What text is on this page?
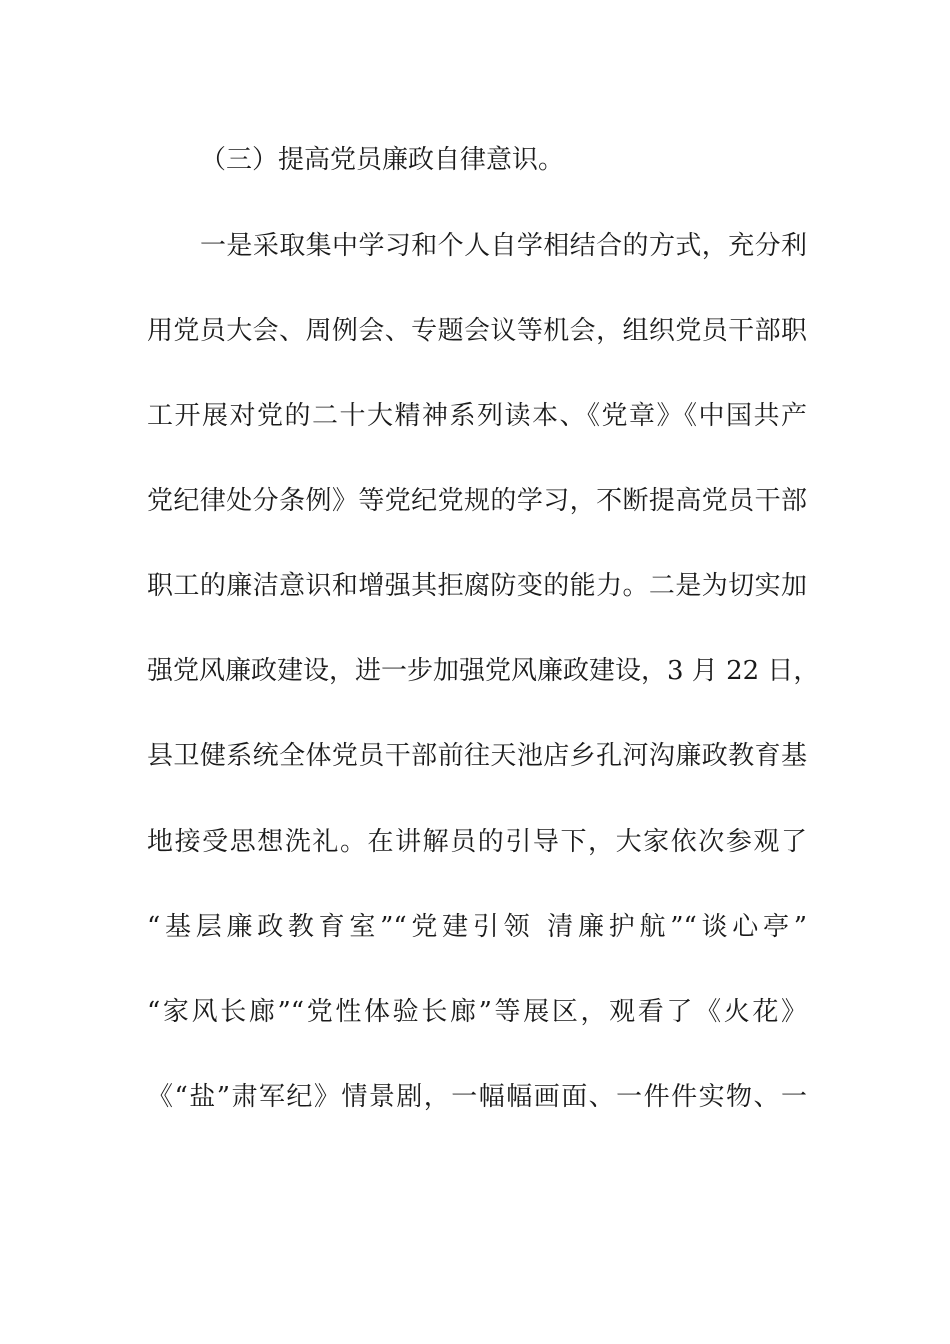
（三）提高党员廉政自律意识。
一是采取集中学习和个人自学相结合的方式，充分利
用党员大会、周例会、专题会议等机会，组织党员干部职
工开展对党的二十大精神系列读本、《党章》《中国共产
党纪律处分条例》等党纪党规的学习，不断提高党员干部
职工的廉洁意识和增强其拒腐防变的能力。二是为切实加
强党风廉政建设，进一步加强党风廉政建设，3 月 22 日，
县卫健系统全体党员干部前往天池店乡孔河沟廉政教育基
地接受思想洗礼。在讲解员的引导下，大家依次参观了
“基层廉政教育室”“党建引领 清廉护航”“谈心亭”
“家风长廊”“党性体验长廊”等展区，观看了《火花》
《“盐”肃军纪》情景剧，一幅幅画面、一件件实物、一
